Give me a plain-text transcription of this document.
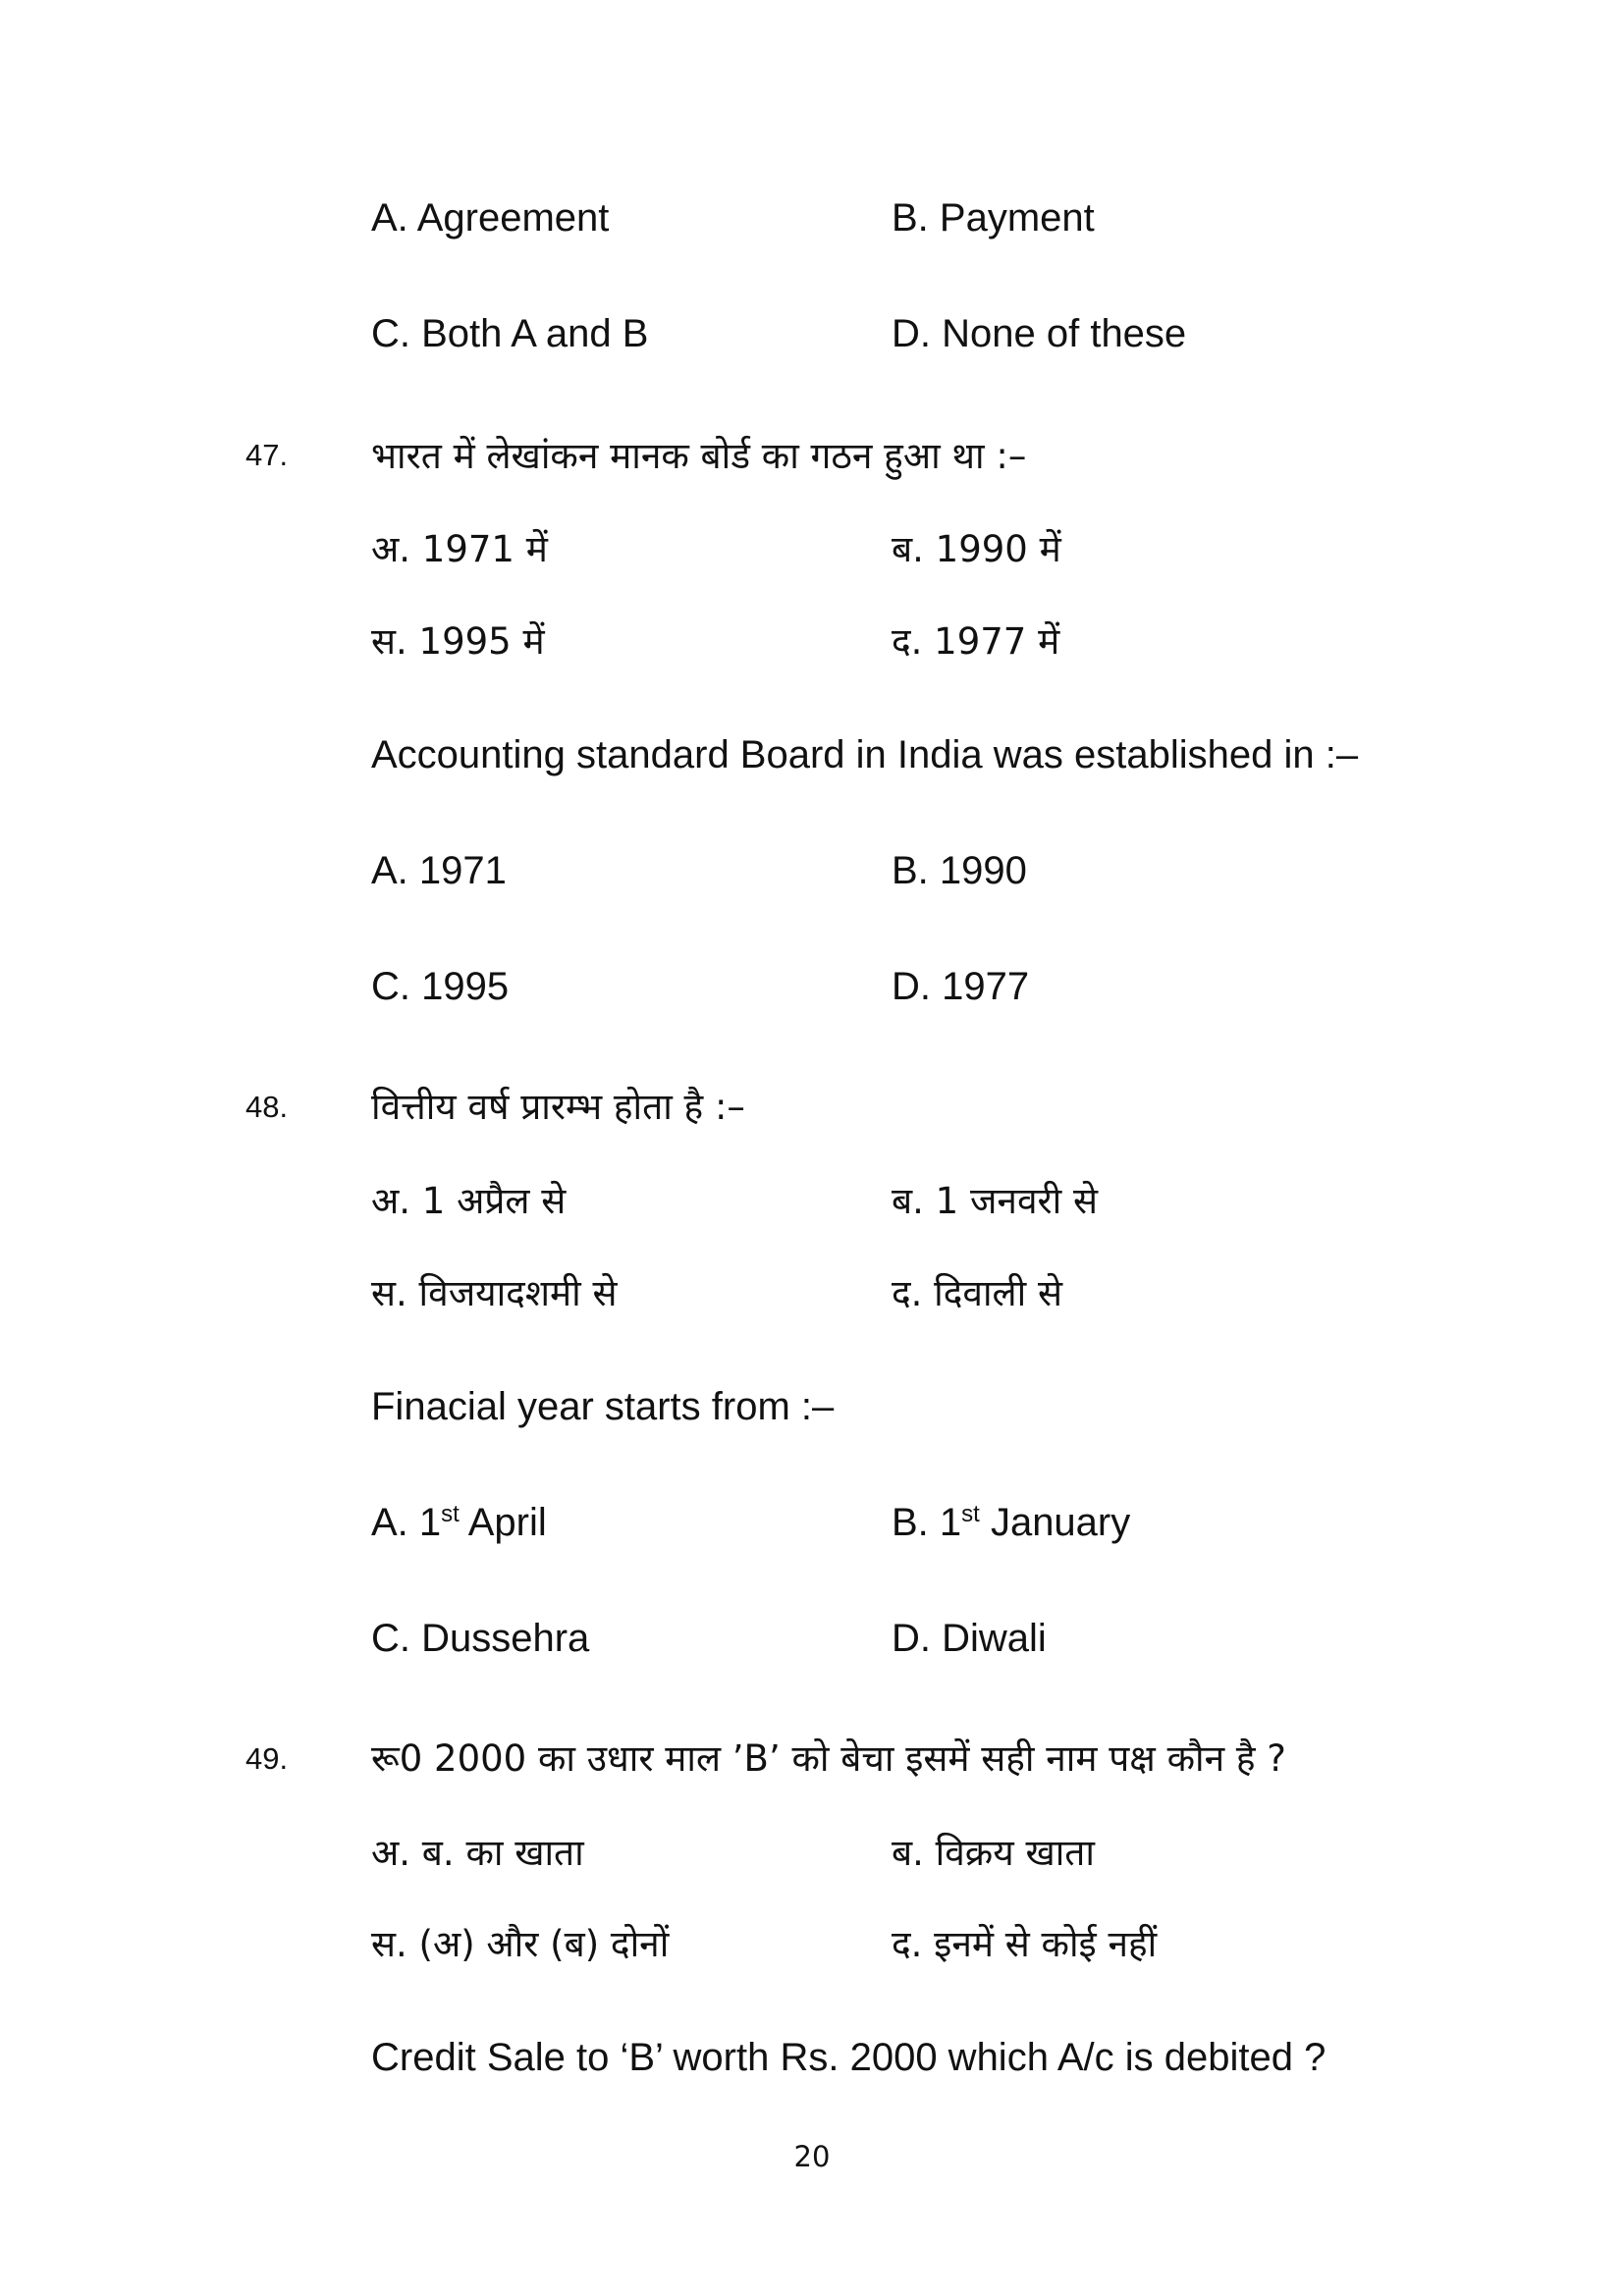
A. Agreement	B. Payment
C. Both A and B	D. None of these
47. भारत में लेखांकन मानक बोर्ड का गठन हुआ था :–
अ. 1971 में	ब. 1990 में
स. 1995 में	द. 1977 में
Accounting standard Board in India was established in :–
A. 1971	B. 1990
C. 1995	D. 1977
48. वित्तीय वर्ष प्रारम्भ होता है :–
अ. 1 अप्रैल से	ब. 1 जनवरी से
स. विजयादशमी से	द. दिवाली से
Finacial year starts from :–
A. 1st April	B. 1st January
C. Dussehra	D. Diwali
49. रू0 2000 का उधार माल ’B’ को बेचा इसमें सही नाम पक्ष कौन है ?
अ. ब. का खाता	ब. विक्रय खाता
स. (अ) और (ब) दोनों	द. इनमें से कोई नहीं
Credit Sale to ‘B’ worth Rs. 2000 which A/c is debited ?
20
